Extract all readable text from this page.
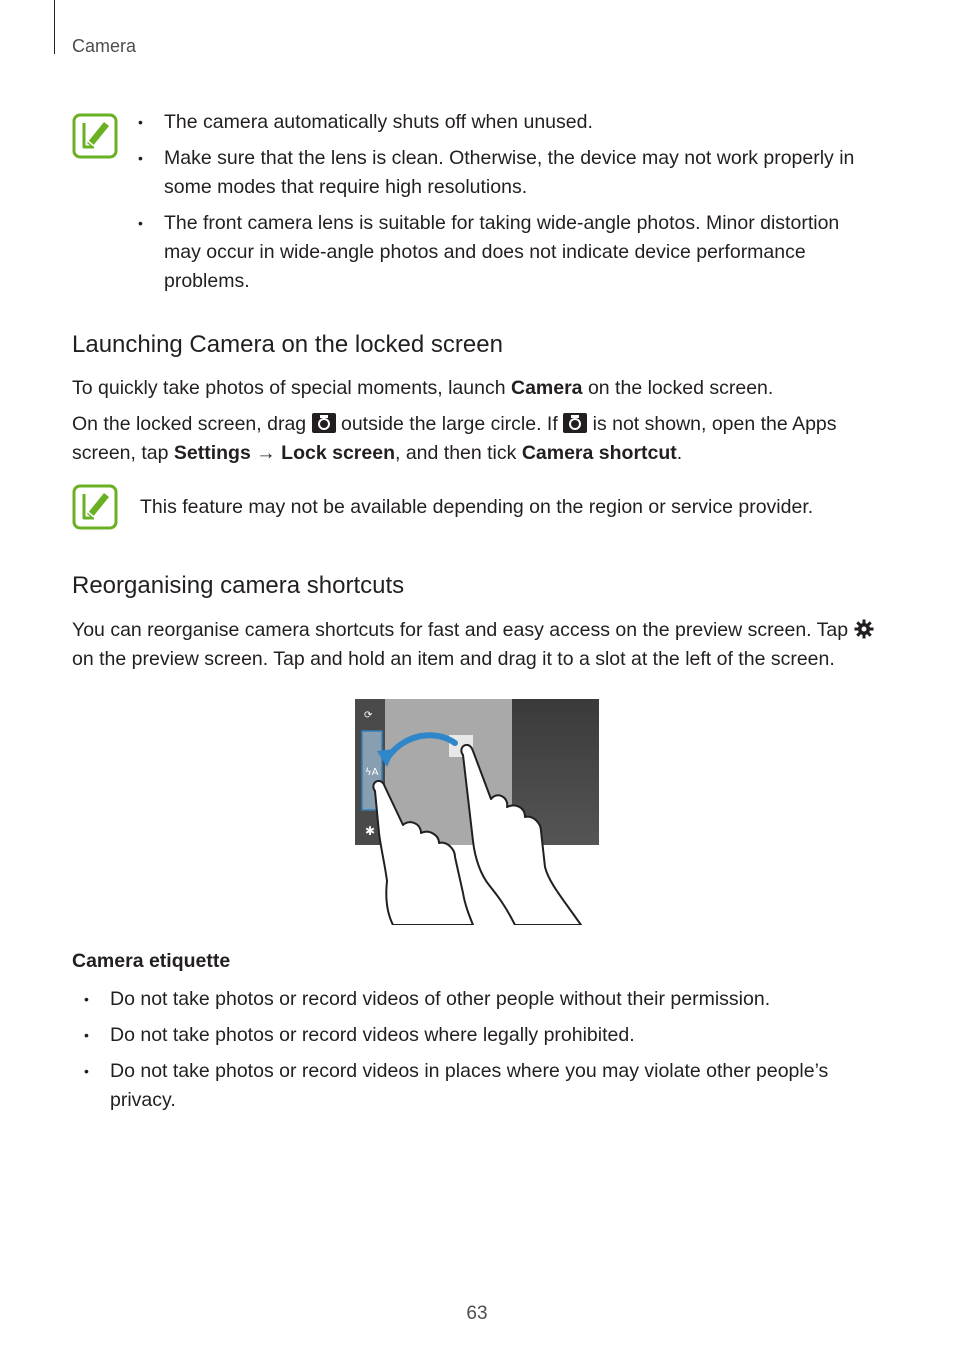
Camera
• The camera automatically shuts off when unused.
• Make sure that the lens is clean. Otherwise, the device may not work properly in some modes that require high resolutions.
• The front camera lens is suitable for taking wide-angle photos. Minor distortion may occur in wide-angle photos and does not indicate device performance problems.
Launching Camera on the locked screen

To quickly take photos of special moments, launch Camera on the locked screen.

On the locked screen, drag  outside the large circle. If  is not shown, open the Apps screen, tap Settings → Lock screen, and then tick Camera shortcut.

This feature may not be available depending on the region or service provider.

Reorganising camera shortcuts

You can reorganise camera shortcuts for fast and easy access on the preview screen. Tap  on the preview screen. Tap and hold an item and drag it to a slot at the left of the screen.

⟳
ϟA
✱
Camera etiquette
• Do not take photos or record videos of other people without their permission.
• Do not take photos or record videos where legally prohibited.
• Do not take photos or record videos in places where you may violate other people’s privacy.
63
